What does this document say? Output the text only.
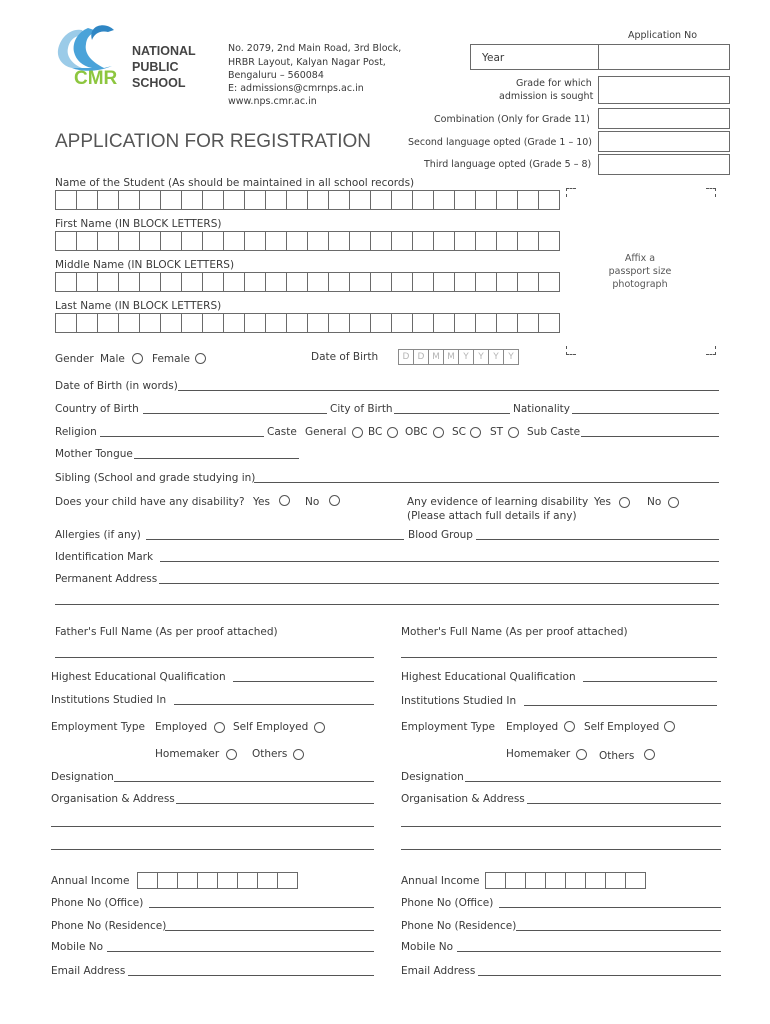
CMR
NATIONAL
PUBLIC
SCHOOL
No. 2079, 2nd Main Road, 3rd Block,
HRBR Layout, Kalyan Nagar Post,
Bengaluru – 560084
E: admissions@cmrnps.ac.in
www.nps.cmr.ac.in
Application No
Year
Grade for which
admission is sought
Combination (Only for Grade 11)
Second language opted (Grade 1 – 10)
Third language opted (Grade 5 – 8)
APPLICATION FOR REGISTRATION
Name of the Student (As should be maintained in all school records)
First Name (IN BLOCK LETTERS)
Middle Name (IN BLOCK LETTERS)
Last Name (IN BLOCK LETTERS)
Affix a
passport size
photograph
Gender Male	Female	Date of Birth	D D M M Y	Y	Y	Y
Date of Birth (in words)
Country of Birth	City of Birth	Nationality
Religion	Caste General BC OBC SC ST Sub Caste
Mother Tongue
Sibling (School and grade studying in)
Does your child have any disability? Yes	No	Any evidence of learning disability Yes	No
(Please attach full details if any)
Allergies (if any)	Blood Group
Identification Mark
Permanent Address
Father's Full Name (As per proof attached)
Highest Educational Qualification
Institutions Studied In
Employment Type Employed Self Employed
Homemaker	Others
Designation
Organisation & Address
Annual Income
Phone No (Office)
Phone No (Residence)
Mobile No
Email Address
Mother's Full Name (As per proof attached)
Highest Educational Qualification
Institutions Studied In
Employment Type Employed Self Employed
Homemaker	Others
Designation
Organisation & Address
Annual Income
Phone No (Office)
Phone No (Residence)
Mobile No
Email Address
